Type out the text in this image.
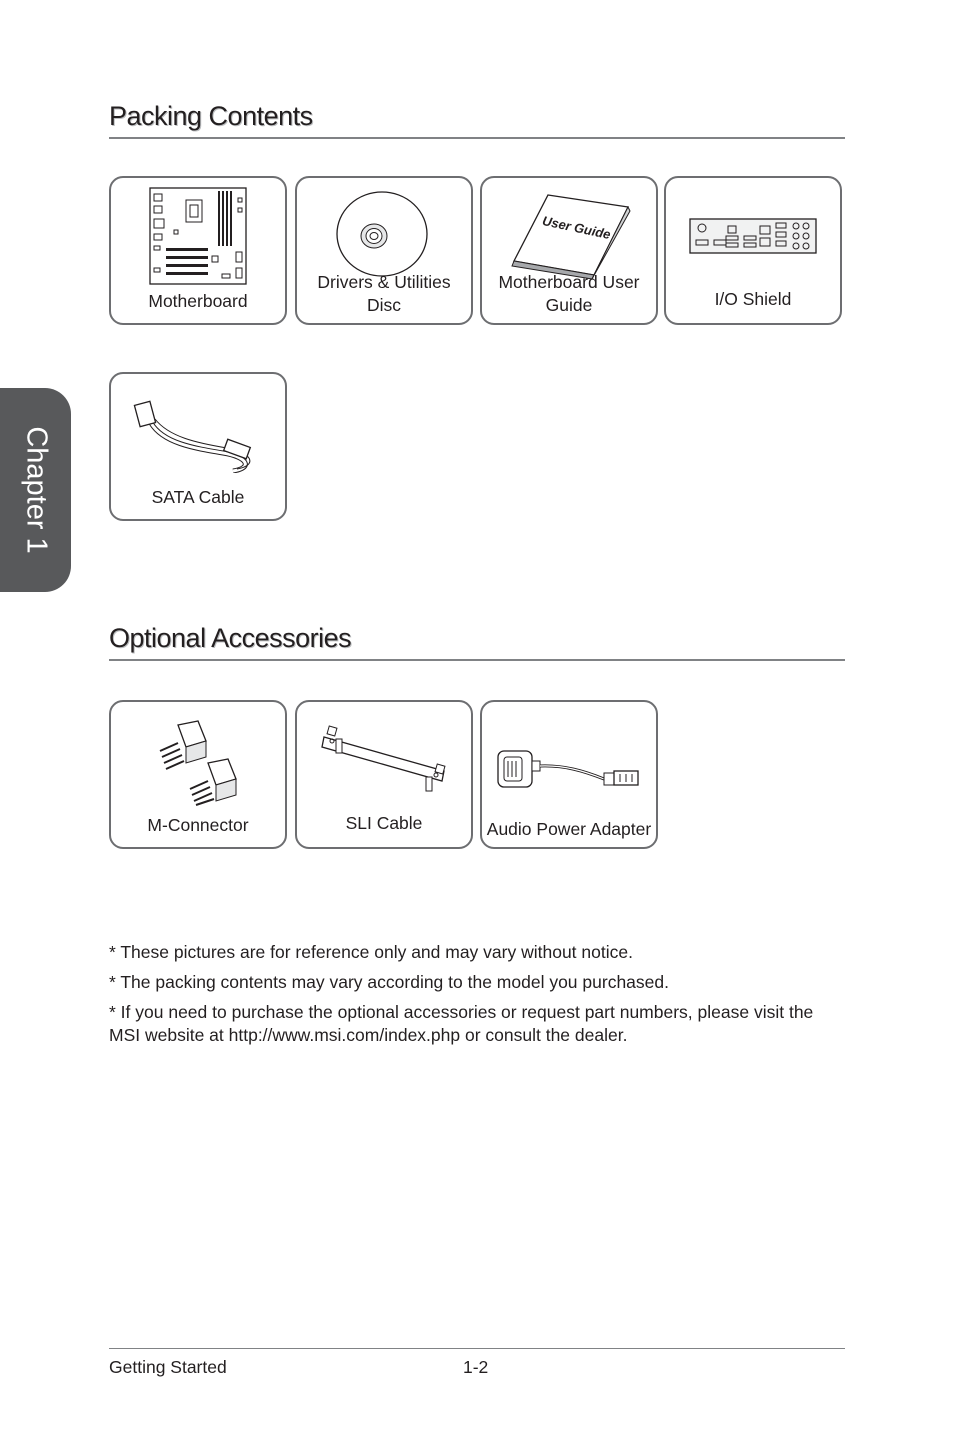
Chapter 1
Packing Contents
Motherboard
Drivers & Utilities Disc
User Guide
Motherboard User Guide	I/O Shield
SATA Cable
Optional Accessories
M-Connector	SLI Cable	Audio Power Adapter

* These pictures are for reference only and may vary without notice.

* The packing contents may vary according to the model you purchased.

* If you need to purchase the optional accessories or request part numbers, please visit the MSI website at http://www.msi.com/index.php or consult the dealer.

Getting Started	1-2
